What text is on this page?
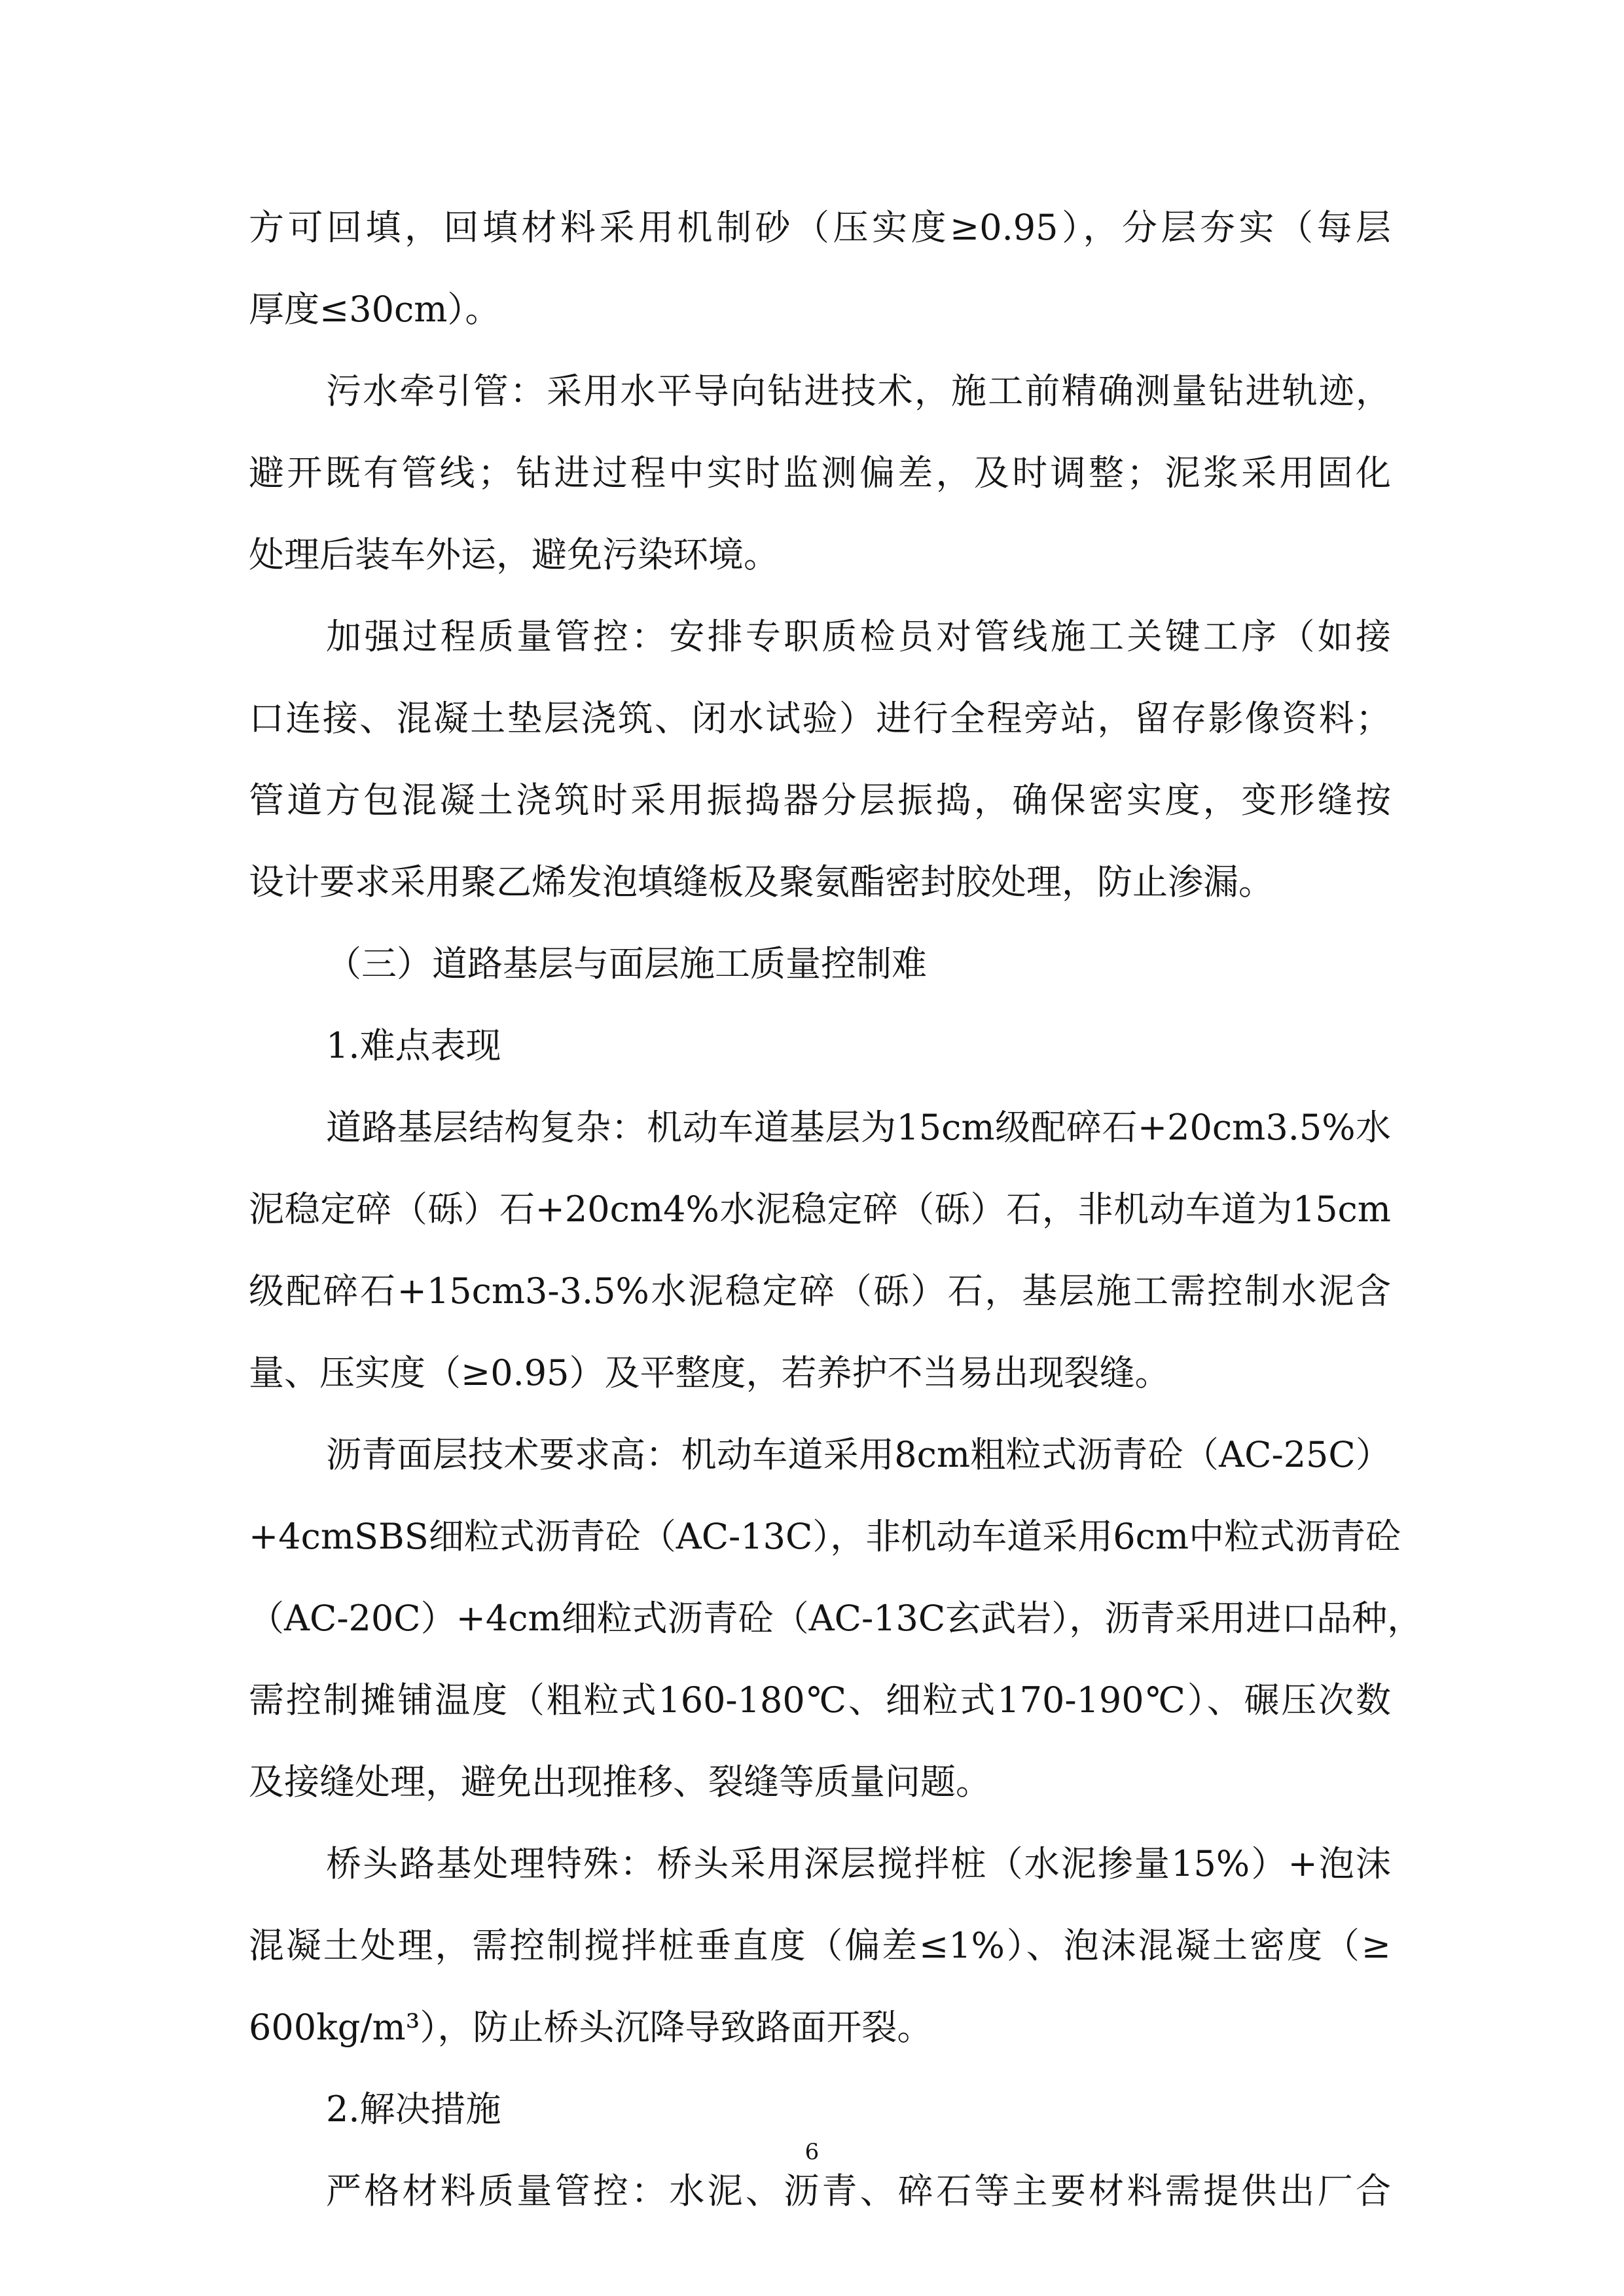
方可回填，回填材料采用机制砂（压实度≥0.95），分层夯实（每层
厚度≤30cm）。
污水牵引管：采用水平导向钻进技术，施工前精确测量钻进轨迹，
避开既有管线；钻进过程中实时监测偏差，及时调整；泥浆采用固化
处理后装车外运，避免污染环境。
加强过程质量管控：安排专职质检员对管线施工关键工序（如接
口连接、混凝土垫层浇筑、闭水试验）进行全程旁站，留存影像资料；
管道方包混凝土浇筑时采用振捣器分层振捣，确保密实度，变形缝按
设计要求采用聚乙烯发泡填缝板及聚氨酯密封胶处理，防止渗漏。
（三）道路基层与面层施工质量控制难
1.难点表现
道路基层结构复杂：机动车道基层为15cm级配碎石+20cm3.5%水
泥稳定碎（砾）石+20cm4%水泥稳定碎（砾）石，非机动车道为15cm
级配碎石+15cm3-3.5%水泥稳定碎（砾）石，基层施工需控制水泥含
量、压实度（≥0.95）及平整度，若养护不当易出现裂缝。
沥青面层技术要求高：机动车道采用8cm粗粒式沥青砼（AC-25C）
+4cmSBS细粒式沥青砼（AC-13C），非机动车道采用6cm中粒式沥青砼
（AC-20C）+4cm细粒式沥青砼（AC-13C玄武岩），沥青采用进口品种，
需控制摊铺温度（粗粒式160-180℃、细粒式170-190℃）、碾压次数
及接缝处理，避免出现推移、裂缝等质量问题。
桥头路基处理特殊：桥头采用深层搅拌桩（水泥掺量15%）+泡沫
混凝土处理，需控制搅拌桩垂直度（偏差≤1%）、泡沫混凝土密度（≥
600kg/m³），防止桥头沉降导致路面开裂。
2.解决措施
严格材料质量管控：水泥、沥青、碎石等主要材料需提供出厂合
6
